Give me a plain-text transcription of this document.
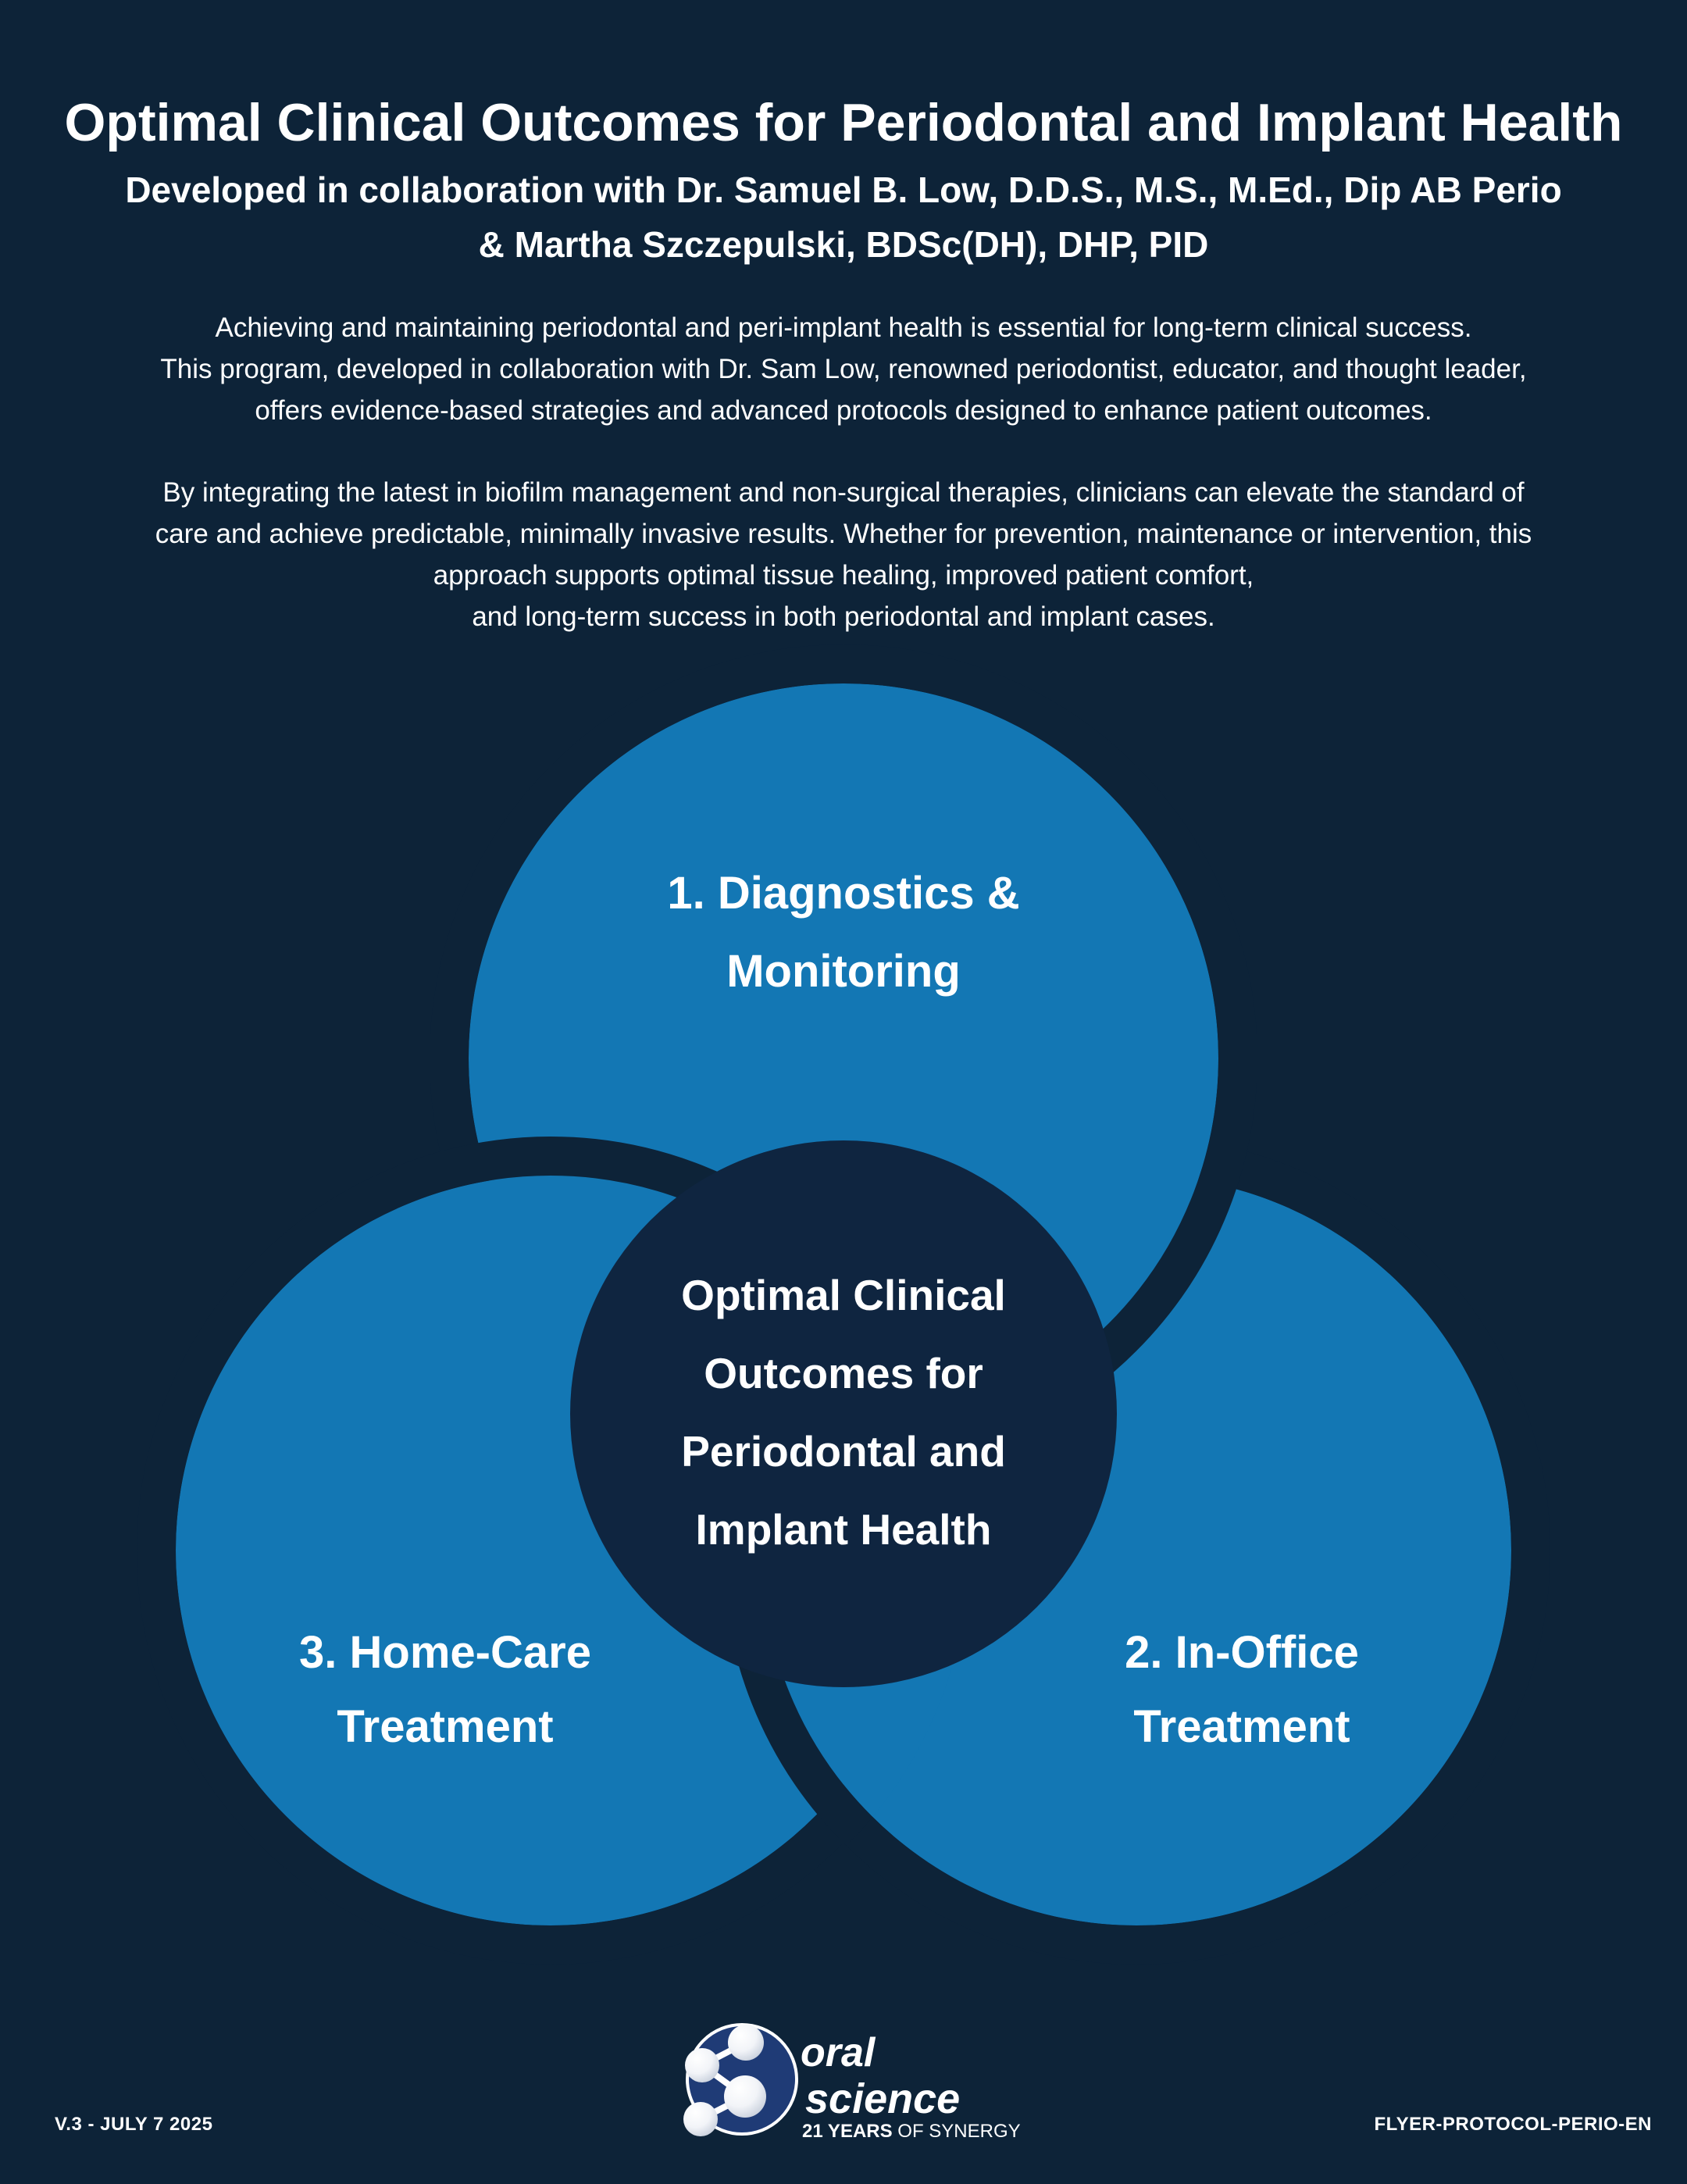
Optimal Clinical Outcomes for Periodontal and Implant Health
Developed in collaboration with Dr. Samuel B. Low, D.D.S., M.S., M.Ed., Dip AB Perio
& Martha Szczepulski, BDSc(DH), DHP, PID
Achieving and maintaining periodontal and peri-implant health is essential for long-term clinical success.
This program, developed in collaboration with Dr. Sam Low, renowned periodontist, educator, and thought leader,
offers evidence-based strategies and advanced protocols designed to enhance patient outcomes.
By integrating the latest in biofilm management and non-surgical therapies, clinicians can elevate the standard of
care and achieve predictable, minimally invasive results. Whether for prevention, maintenance or intervention, this
approach supports optimal tissue healing, improved patient comfort,
and long-term success in both periodontal and implant cases.
1. Diagnostics &
Monitoring
3. Home-Care
Treatment
2. In-Office
Treatment
Optimal Clinical
Outcomes for
Periodontal and
Implant Health
oral
science
21 YEARS OF SYNERGY
V.3 - JULY 7 2025	FLYER-PROTOCOL-PERIO-EN
